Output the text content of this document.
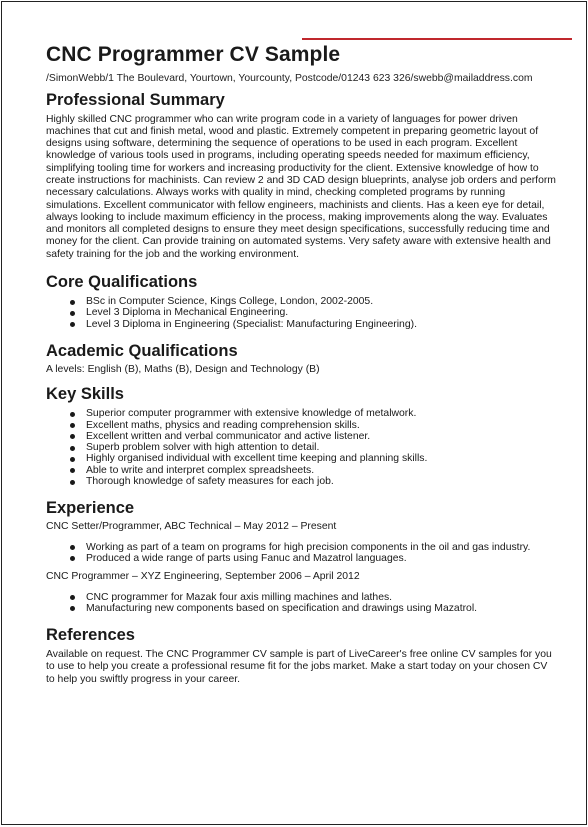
CNC Programmer CV Sample
/SimonWebb/1 The Boulevard, Yourtown, Yourcounty, Postcode/01243 623 326/swebb@mailaddress.com
Professional Summary

Highly skilled CNC programmer who can write program code in a variety of languages for power driven machines that cut and finish metal, wood and plastic. Extremely competent in preparing geometric layout of designs using software, determining the sequence of operations to be used in each program. Excellent knowledge of various tools used in programs, including operating speeds needed for maximum efficiency, simplifying tooling time for workers and increasing productivity for the client. Extensive knowledge of how to create instructions for machinists. Can review 2 and 3D CAD design blueprints, analyse job orders and perform necessary calculations. Always works with quality in mind, checking completed programs by running simulations. Excellent communicator with fellow engineers, machinists and clients. Has a keen eye for detail, always looking to include maximum efficiency in the process, making improvements along the way. Evaluates and monitors all completed designs to ensure they meet design specifications, successfully reducing time and money for the client. Can provide training on automated systems. Very safety aware with extensive health and safety training for the job and the working environment.

Core Qualifications
BSc in Computer Science, Kings College, London, 2002-2005.
Level 3 Diploma in Mechanical Engineering.
Level 3 Diploma in Engineering (Specialist: Manufacturing Engineering).
Academic Qualifications

A levels: English (B), Maths (B), Design and Technology (B)

Key Skills
Superior computer programmer with extensive knowledge of metalwork.
Excellent maths, physics and reading comprehension skills.
Excellent written and verbal communicator and active listener.
Superb problem solver with high attention to detail.
Highly organised individual with excellent time keeping and planning skills.
Able to write and interpret complex spreadsheets.
Thorough knowledge of safety measures for each job.
Experience

CNC Setter/Programmer, ABC Technical – May 2012 – Present

Working as part of a team on programs for high precision components in the oil and gas industry.
Produced a wide range of parts using Fanuc and Mazatrol languages.

CNC Programmer – XYZ Engineering, September 2006 – April 2012

CNC programmer for Mazak four axis milling machines and lathes.
Manufacturing new components based on specification and drawings using Mazatrol.
References

Available on request. The CNC Programmer CV sample is part of LiveCareer's free online CV samples for you to use to help you create a professional resume fit for the jobs market. Make a start today on your chosen CV to help you swiftly progress in your career.
